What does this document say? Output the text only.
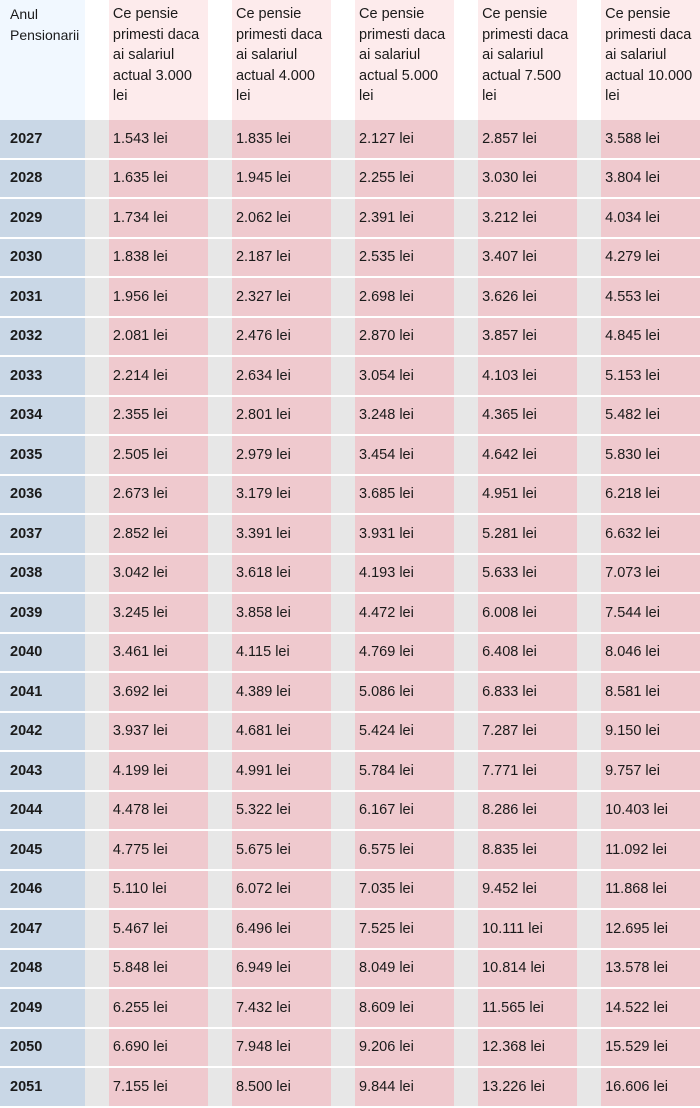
Anul Pensionarii		Ce pensie primesti daca ai salariul actual 3.000 lei		Ce pensie primesti daca ai salariul actual 4.000 lei		Ce pensie primesti daca ai salariul actual 5.000 lei		Ce pensie primesti daca ai salariul actual 7.500 lei		Ce pensie primesti daca ai salariul actual 10.000 lei
2027		1.543 lei		1.835 lei		2.127 lei		2.857 lei		3.588 lei
2028		1.635 lei		1.945 lei		2.255 lei		3.030 lei		3.804 lei
2029		1.734 lei		2.062 lei		2.391 lei		3.212 lei		4.034 lei
2030		1.838 lei		2.187 lei		2.535 lei		3.407 lei		4.279 lei
2031		1.956 lei		2.327 lei		2.698 lei		3.626 lei		4.553 lei
2032		2.081 lei		2.476 lei		2.870 lei		3.857 lei		4.845 lei
2033		2.214 lei		2.634 lei		3.054 lei		4.103 lei		5.153 lei
2034		2.355 lei		2.801 lei		3.248 lei		4.365 lei		5.482 lei
2035		2.505 lei		2.979 lei		3.454 lei		4.642 lei		5.830 lei
2036		2.673 lei		3.179 lei		3.685 lei		4.951 lei		6.218 lei
2037		2.852 lei		3.391 lei		3.931 lei		5.281 lei		6.632 lei
2038		3.042 lei		3.618 lei		4.193 lei		5.633 lei		7.073 lei
2039		3.245 lei		3.858 lei		4.472 lei		6.008 lei		7.544 lei
2040		3.461 lei		4.115 lei		4.769 lei		6.408 lei		8.046 lei
2041		3.692 lei		4.389 lei		5.086 lei		6.833 lei		8.581 lei
2042		3.937 lei		4.681 lei		5.424 lei		7.287 lei		9.150 lei
2043		4.199 lei		4.991 lei		5.784 lei		7.771 lei		9.757 lei
2044		4.478 lei		5.322 lei		6.167 lei		8.286 lei		10.403 lei
2045		4.775 lei		5.675 lei		6.575 lei		8.835 lei		11.092 lei
2046		5.110 lei		6.072 lei		7.035 lei		9.452 lei		11.868 lei
2047		5.467 lei		6.496 lei		7.525 lei		10.111 lei		12.695 lei
2048		5.848 lei		6.949 lei		8.049 lei		10.814 lei		13.578 lei
2049		6.255 lei		7.432 lei		8.609 lei		11.565 lei		14.522 lei
2050		6.690 lei		7.948 lei		9.206 lei		12.368 lei		15.529 lei
2051		7.155 lei		8.500 lei		9.844 lei		13.226 lei		16.606 lei
